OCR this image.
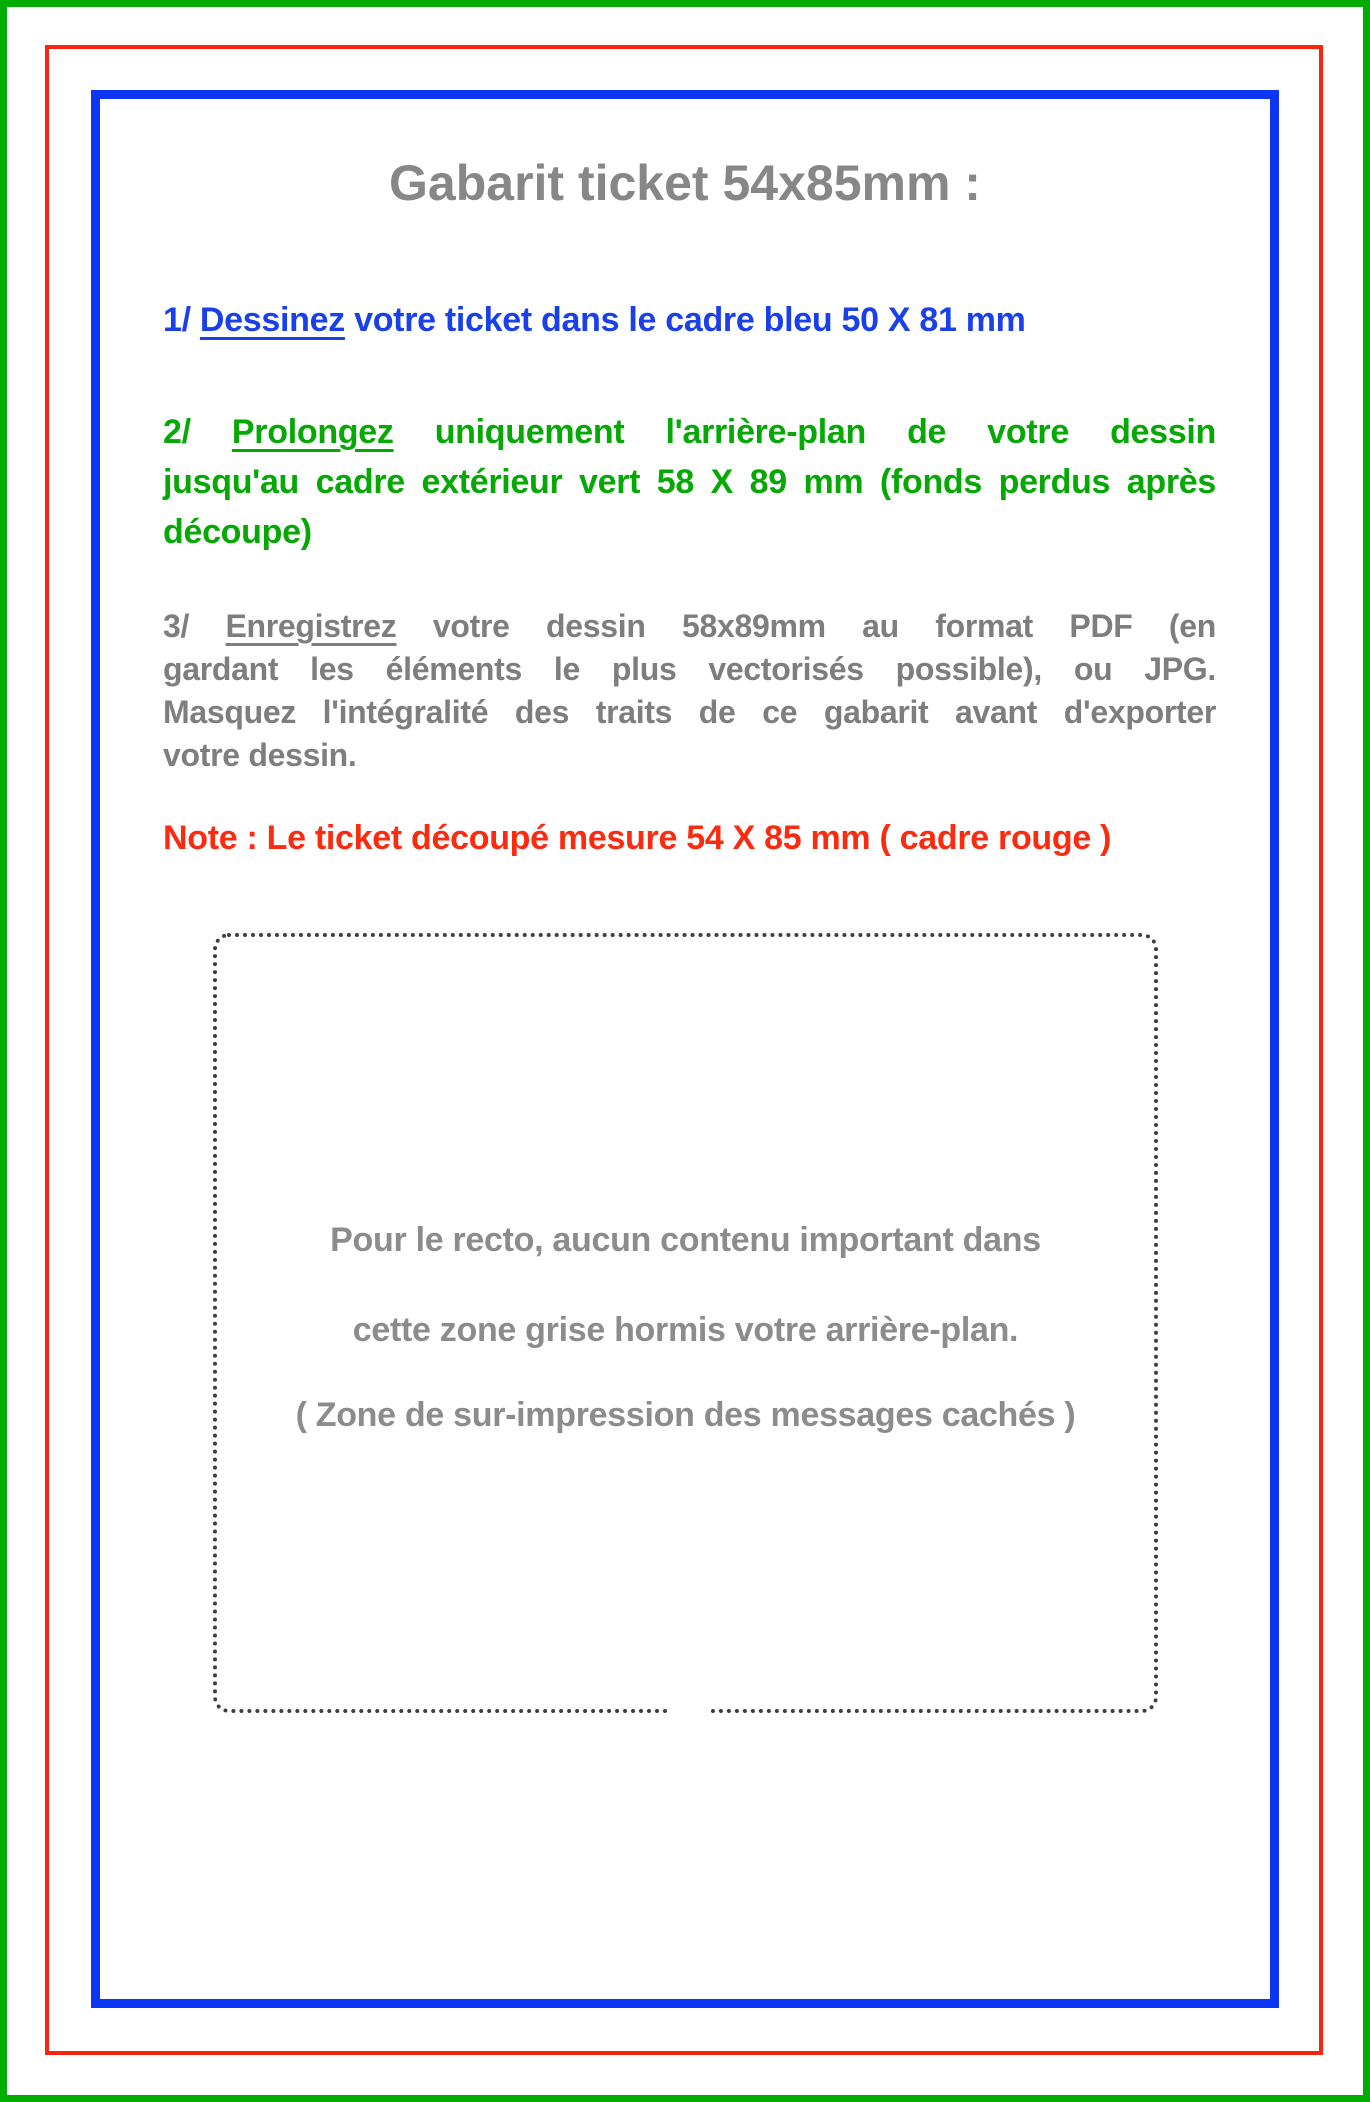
Gabarit ticket 54x85mm :
1/ Dessinez votre ticket dans le cadre bleu 50 X 81 mm
2/ Prolongez uniquement l'arrière-plan de votre dessin
jusqu'au cadre extérieur vert 58 X 89 mm (fonds perdus après
découpe)
3/ Enregistrez votre dessin 58x89mm au format PDF (en
gardant les éléments le plus vectorisés possible), ou JPG.
Masquez l'intégralité des traits de ce gabarit avant d'exporter
votre dessin.
Note : Le ticket découpé mesure 54 X 85 mm ( cadre rouge )
Pour le recto, aucun contenu important dans
cette zone grise hormis votre arrière-plan.
( Zone de sur-impression des messages cachés )
